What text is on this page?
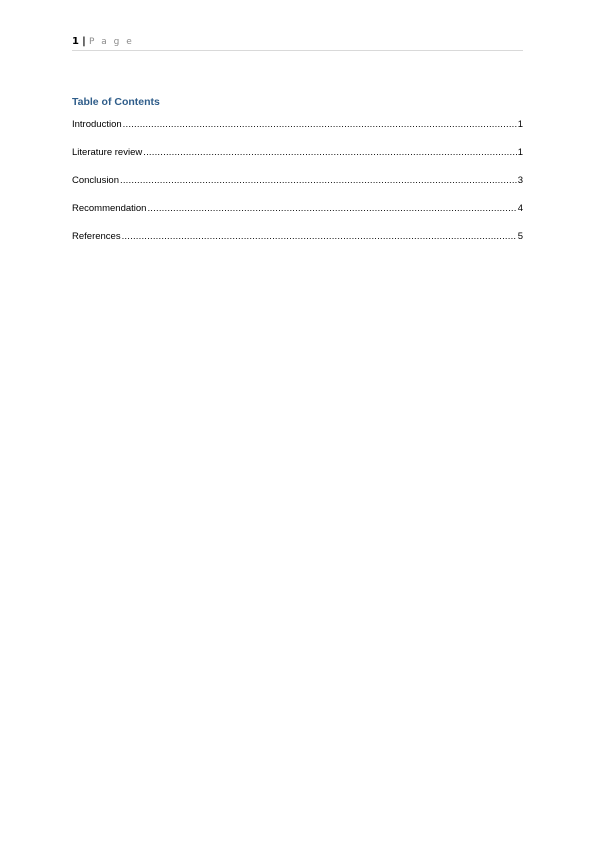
1 | P a g e
Table of Contents
Introduction .....	1
Literature review .....	1
Conclusion .....	3
Recommendation .....	4
References .....	5
